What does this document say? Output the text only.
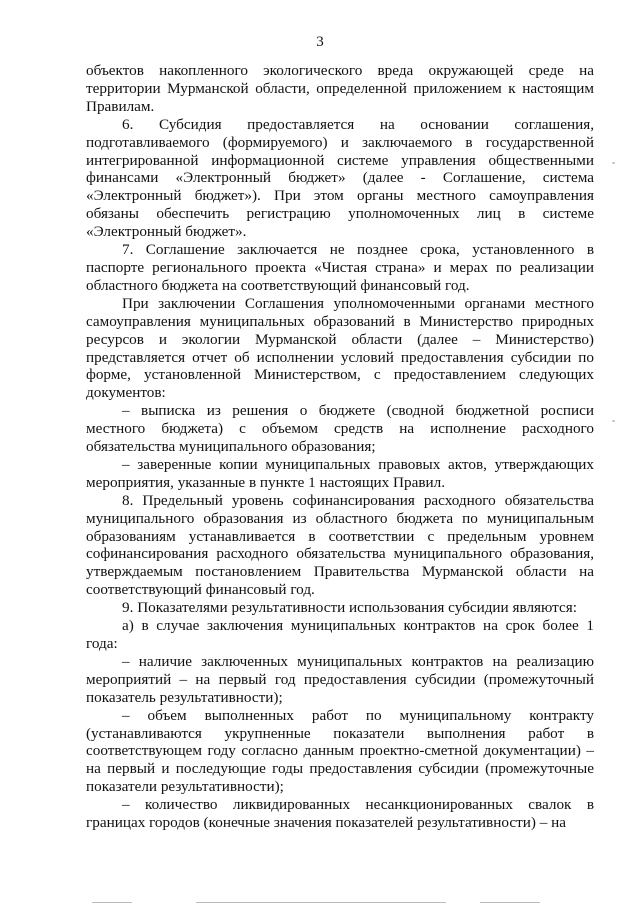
3

объектов накопленного экологического вреда окружающей среде на территории Мурманской области, определенной приложением к настоящим Правилам.

6. Субсидия предоставляется на основании соглашения, подготавливаемого (формируемого) и заключаемого в государственной интегрированной информационной системе управления общественными финансами «Электронный бюджет» (далее - Соглашение, система «Электронный бюджет»). При этом органы местного самоуправления обязаны обеспечить регистрацию уполномоченных лиц в системе «Электронный бюджет».

7. Соглашение заключается не позднее срока, установленного в паспорте регионального проекта «Чистая страна» и мерах по реализации областного бюджета на соответствующий финансовый год.

При заключении Соглашения уполномоченными органами местного самоуправления муниципальных образований в Министерство природных ресурсов и экологии Мурманской области (далее – Министерство) представляется отчет об исполнении условий предоставления субсидии по форме, установленной Министерством, с предоставлением следующих документов:

– выписка из решения о бюджете (сводной бюджетной росписи местного бюджета) с объемом средств на исполнение расходного обязательства муниципального образования;

– заверенные копии муниципальных правовых актов, утверждающих мероприятия, указанные в пункте 1 настоящих Правил.

8. Предельный уровень софинансирования расходного обязательства муниципального образования из областного бюджета по муниципальным образованиям устанавливается в соответствии с предельным уровнем софинансирования расходного обязательства муниципального образования, утверждаемым постановлением Правительства Мурманской области на соответствующий финансовый год.

9. Показателями результативности использования субсидии являются:

а) в случае заключения муниципальных контрактов на срок более 1 года:

– наличие заключенных муниципальных контрактов на реализацию мероприятий – на первый год предоставления субсидии (промежуточный показатель результативности);

– объем выполненных работ по муниципальному контракту (устанавливаются укрупненные показатели выполнения работ в соответствующем году согласно данным проектно-сметной документации) – на первый и последующие годы предоставления субсидии (промежуточные показатели результативности);

– количество ликвидированных несанкционированных свалок в границах городов (конечные значения показателей результативности) – на
